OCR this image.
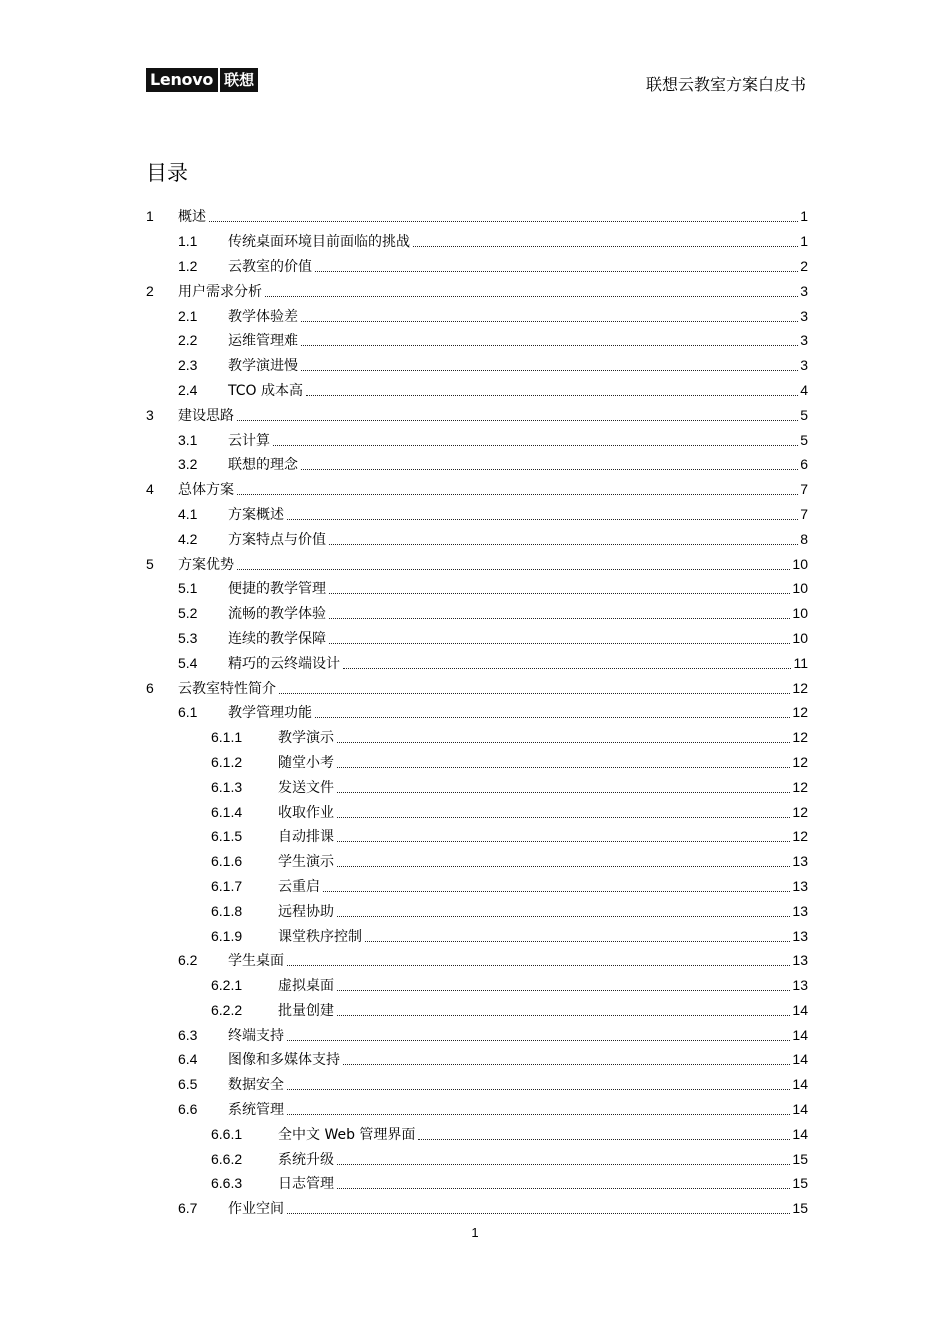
Lenovo 联想	联想云教室方案白皮书
目录
1 概述	1
1.1 传统桌面环境目前面临的挑战	1
1.2 云教室的价值	2
2 用户需求分析	3
2.1 教学体验差	3
2.2 运维管理难	3
2.3 教学演进慢	3
2.4 TCO 成本高	4
3 建设思路	5
3.1 云计算	5
3.2 联想的理念	6
4 总体方案	7
4.1 方案概述	7
4.2 方案特点与价值	8
5 方案优势	10
5.1 便捷的教学管理	10
5.2 流畅的教学体验	10
5.3 连续的教学保障	10
5.4 精巧的云终端设计	11
6 云教室特性简介	12
6.1 教学管理功能	12
6.1.1	教学演示	12
6.1.2	随堂小考	12
6.1.3	发送文件	12
6.1.4	收取作业	12
6.1.5	自动排课	12
6.1.6	学生演示	13
6.1.7	云重启	13
6.1.8	远程协助	13
6.1.9	课堂秩序控制	13
6.2 学生桌面	13
6.2.1	虚拟桌面	13
6.2.2	批量创建	14
6.3 终端支持	14
6.4 图像和多媒体支持	14
6.5 数据安全	14
6.6 系统管理	14
6.6.1	全中文 Web 管理界面	14
6.6.2	系统升级	15
6.6.3	日志管理	15
6.7 作业空间	15
1
